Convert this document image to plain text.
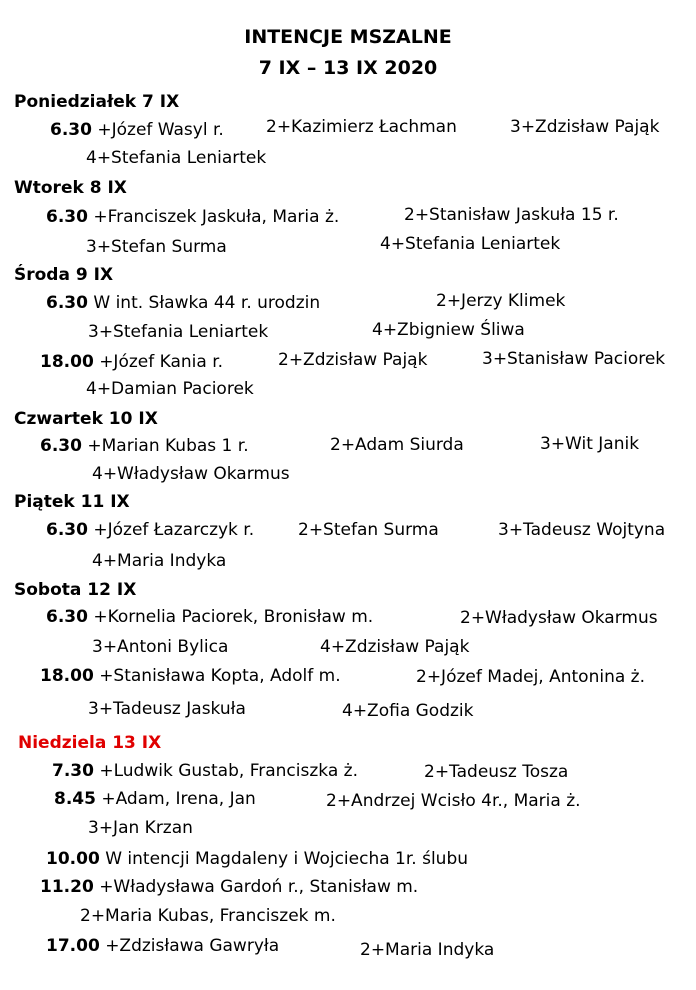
INTENCJE MSZALNE
7 IX – 13 IX 2020
Poniedziałek 7 IX
6.30 +Józef Wasyl r. 2+Kazimierz Łachman	3+Zdzisław Pająk
4+Stefania Leniartek
Wtorek 8 IX
6.30 +Franciszek Jaskuła, Maria ż.	2+Stanisław Jaskuła 15 r.
3+Stefan Surma	4+Stefania Leniartek
Środa 9 IX
6.30 W int. Sławka 44 r. urodzin	2+Jerzy Klimek
3+Stefania Leniartek	4+Zbigniew Śliwa
18.00 +Józef Kania r.	2+Zdzisław Pająk	3+Stanisław Paciorek
4+Damian Paciorek
Czwartek 10 IX
6.30 +Marian Kubas 1 r.	2+Adam Siurda	3+Wit Janik
4+Władysław Okarmus
Piątek 11 IX
6.30 +Józef Łazarczyk r.	2+Stefan Surma	3+Tadeusz Wojtyna
4+Maria Indyka
Sobota 12 IX
6.30 +Kornelia Paciorek, Bronisław m.	2+Władysław Okarmus
3+Antoni Bylica	4+Zdzisław Pająk
18.00 +Stanisława Kopta, Adolf m.	2+Józef Madej, Antonina ż.
3+Tadeusz Jaskuła	4+Zofia Godzik
Niedziela 13 IX
7.30 +Ludwik Gustab, Franciszka ż.	2+Tadeusz Tosza
8.45 +Adam, Irena, Jan	2+Andrzej Wcisło 4r., Maria ż.
3+Jan Krzan
10.00 W intencji Magdaleny i Wojciecha 1r. ślubu
11.20 +Władysława Gardoń r., Stanisław m.
2+Maria Kubas, Franciszek m.
17.00 +Zdzisława Gawryła	2+Maria Indyka
